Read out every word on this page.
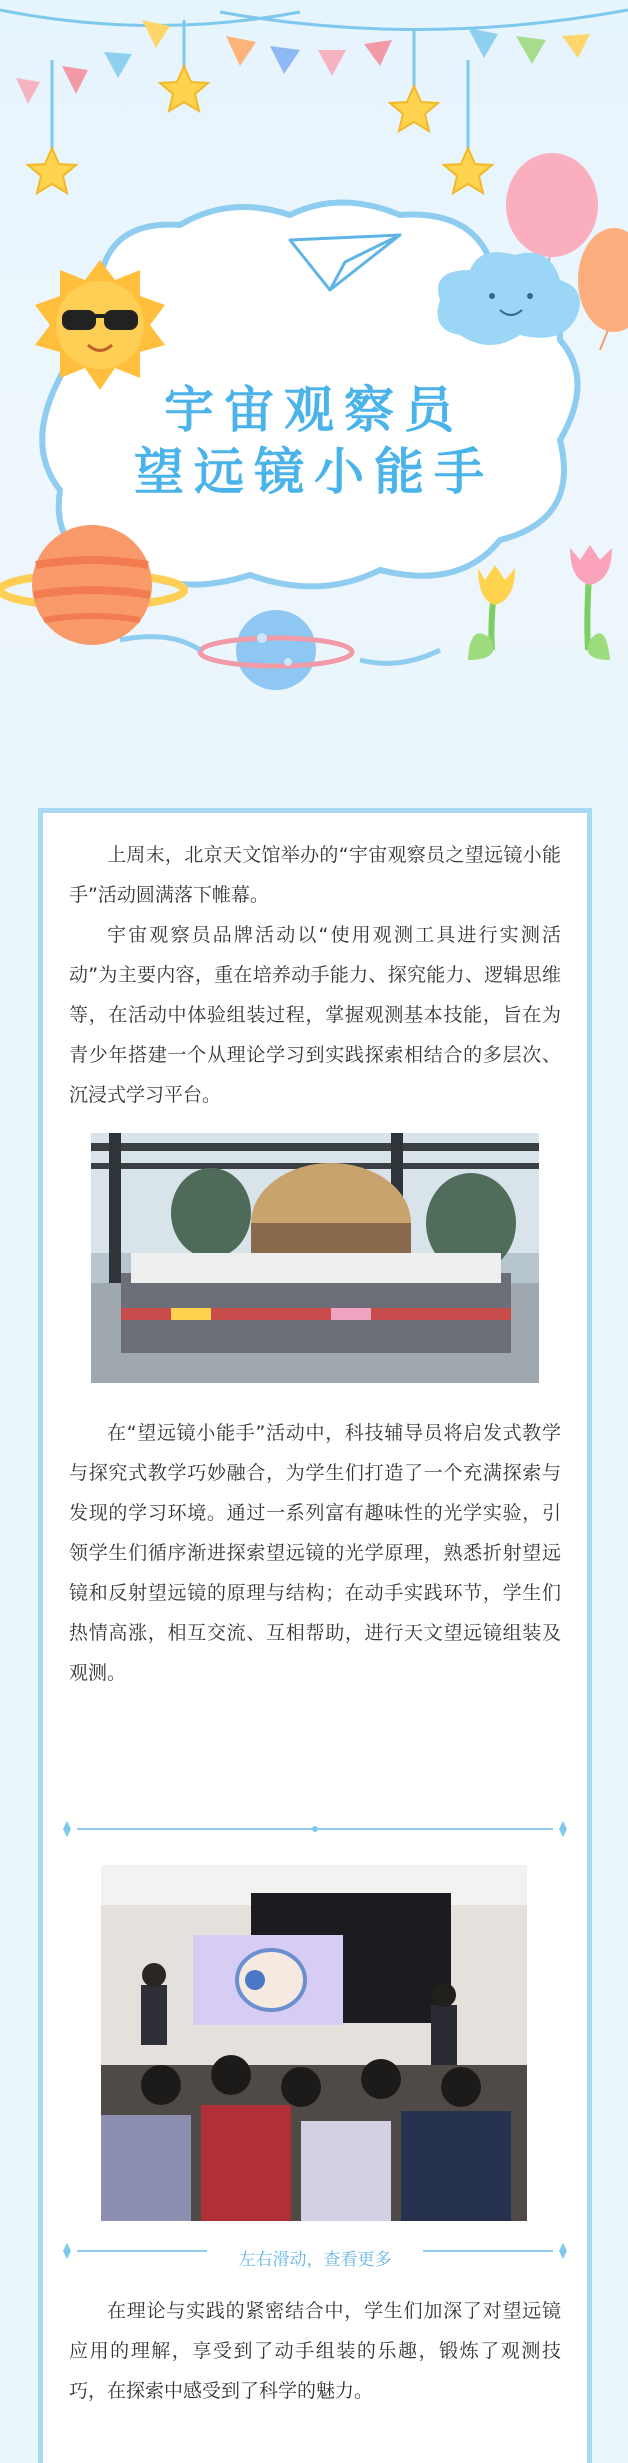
宇宙观察员
望远镜小能手

上周末，北京天文馆举办的“宇宙观察员之望远镜小能手”活动圆满落下帷幕。

宇宙观察员品牌活动以“使用观测工具进行实测活动”为主要内容，重在培养动手能力、探究能力、逻辑思维等，在活动中体验组装过程，掌握观测基本技能，旨在为青少年搭建一个从理论学习到实践探索相结合的多层次、沉浸式学习平台。

在“望远镜小能手”活动中，科技辅导员将启发式教学与探究式教学巧妙融合，为学生们打造了一个充满探索与发现的学习环境。通过一系列富有趣味性的光学实验，引领学生们循序渐进探索望远镜的光学原理，熟悉折射望远镜和反射望远镜的原理与结构；在动手实践环节，学生们热情高涨，相互交流、互相帮助，进行天文望远镜组装及观测。

左右滑动，查看更多

在理论与实践的紧密结合中，学生们加深了对望远镜应用的理解，享受到了动手组装的乐趣，锻炼了观测技巧，在探索中感受到了科学的魅力。
